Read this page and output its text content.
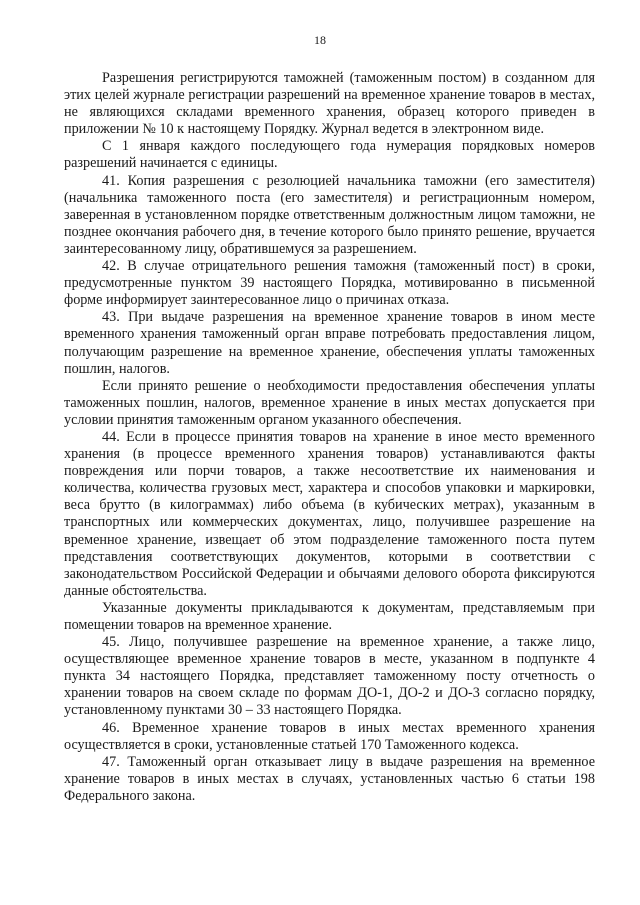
18

Разрешения регистрируются таможней (таможенным постом) в созданном для этих целей журнале регистрации разрешений на временное хранение товаров в местах, не являющихся складами временного хранения, образец которого приведен в приложении № 10 к настоящему Порядку. Журнал ведется в электронном виде.

С 1 января каждого последующего года нумерация порядковых номеров разрешений начинается с единицы.

41. Копия разрешения с резолюцией начальника таможни (его заместителя) (начальника таможенного поста (его заместителя) и регистрационным номером, заверенная в установленном порядке ответственным должностным лицом таможни, не позднее окончания рабочего дня, в течение которого было принято решение, вручается заинтересованному лицу, обратившемуся за разрешением.

42. В случае отрицательного решения таможня (таможенный пост) в сроки, предусмотренные пунктом 39 настоящего Порядка, мотивированно в письменной форме информирует заинтересованное лицо о причинах отказа.

43. При выдаче разрешения на временное хранение товаров в ином месте временного хранения таможенный орган вправе потребовать предоставления лицом, получающим разрешение на временное хранение, обеспечения уплаты таможенных пошлин, налогов.

Если принято решение о необходимости предоставления обеспечения уплаты таможенных пошлин, налогов, временное хранение в иных местах допускается при условии принятия таможенным органом указанного обеспечения.

44. Если в процессе принятия товаров на хранение в иное место временного хранения (в процессе временного хранения товаров) устанавливаются факты повреждения или порчи товаров, а также несоответствие их наименования и количества, количества грузовых мест, характера и способов упаковки и маркировки, веса брутто (в килограммах) либо объема (в кубических метрах), указанным в транспортных или коммерческих документах, лицо, получившее разрешение на временное хранение, извещает об этом подразделение таможенного поста путем представления соответствующих документов, которыми в соответствии с законодательством Российской Федерации и обычаями делового оборота фиксируются данные обстоятельства.

Указанные документы прикладываются к документам, представляемым при помещении товаров на временное хранение.

45. Лицо, получившее разрешение на временное хранение, а также лицо, осуществляющее временное хранение товаров в месте, указанном в подпункте 4 пункта 34 настоящего Порядка, представляет таможенному посту отчетность о хранении товаров на своем складе по формам ДО-1, ДО-2 и ДО-3 согласно порядку, установленному пунктами 30 – 33 настоящего Порядка.

46. Временное хранение товаров в иных местах временного хранения осуществляется в сроки, установленные статьей 170 Таможенного кодекса.

47. Таможенный орган отказывает лицу в выдаче разрешения на временное хранение товаров в иных местах в случаях, установленных частью 6 статьи 198 Федерального закона.
